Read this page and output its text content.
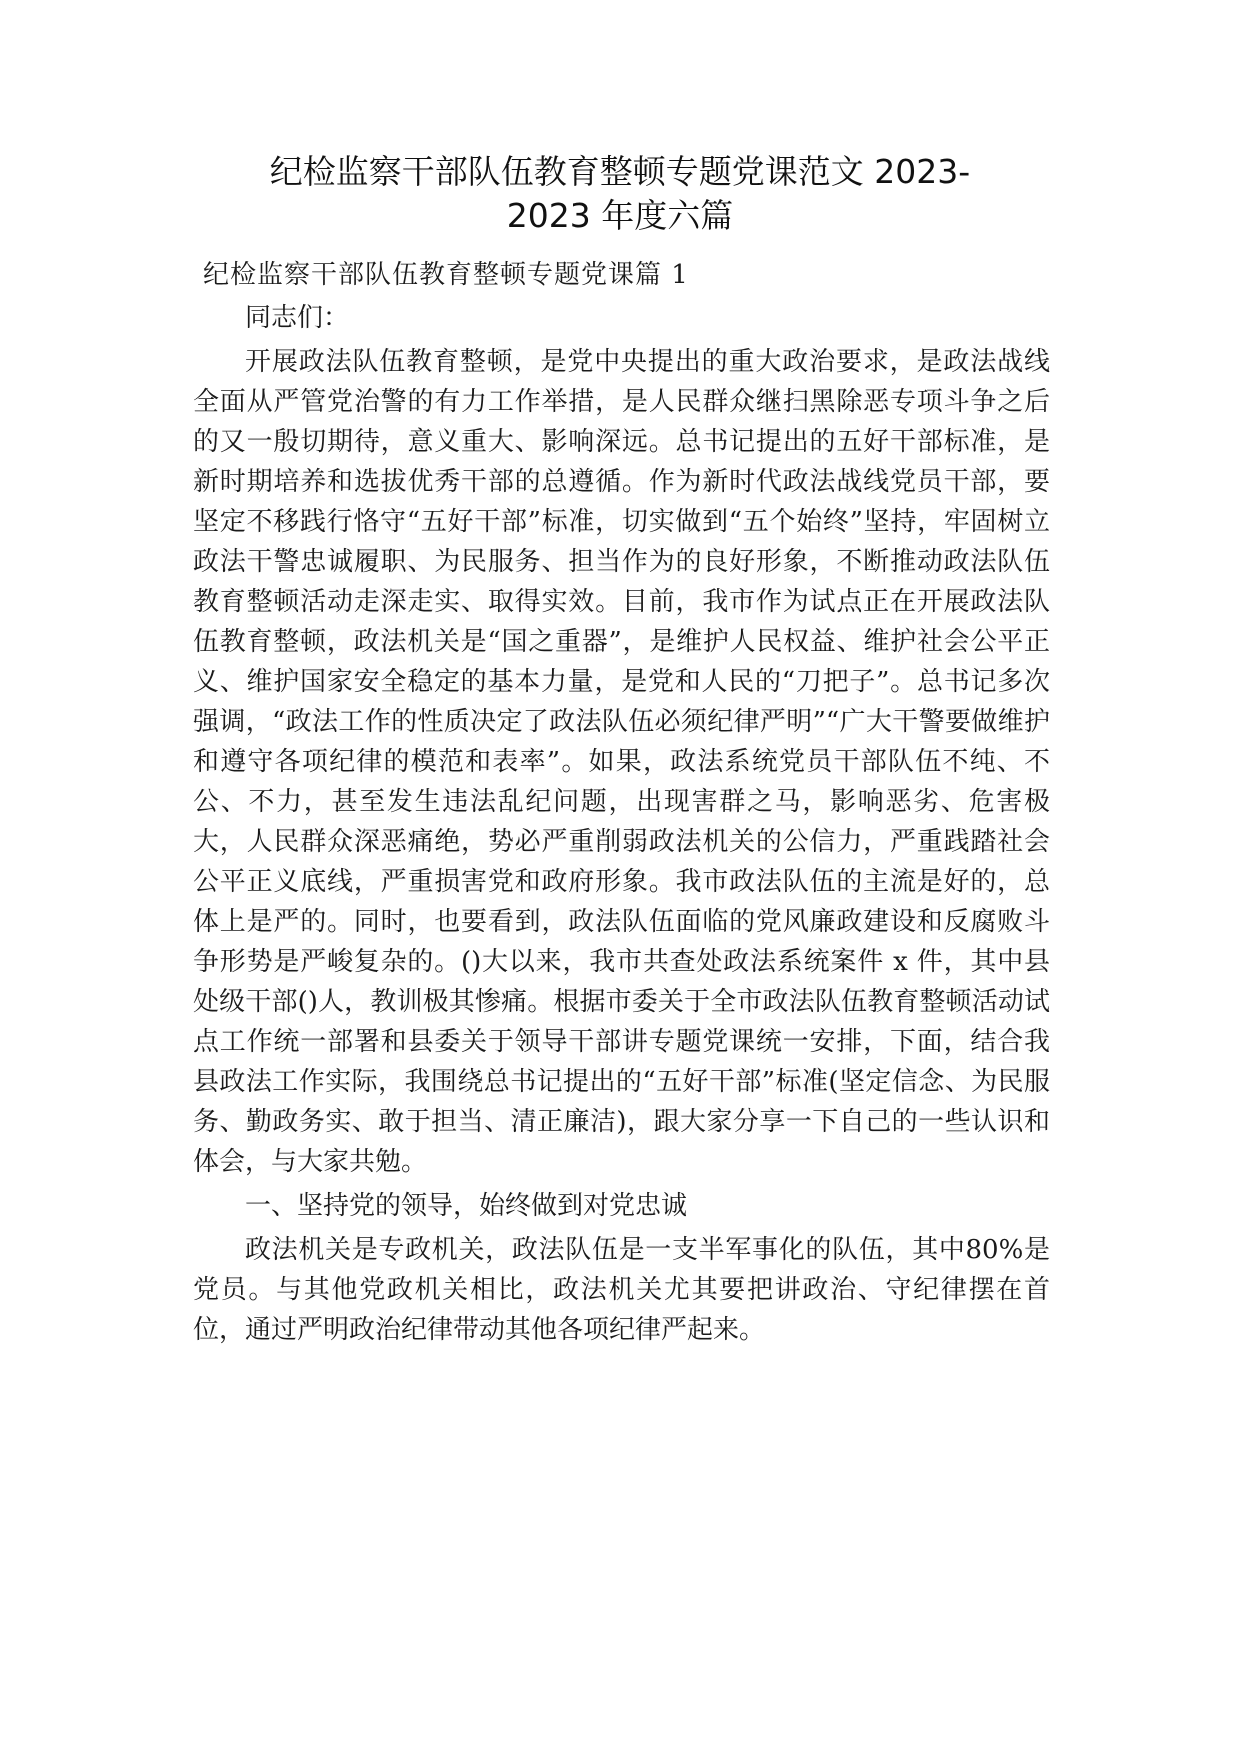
纪检监察干部队伍教育整顿专题党课范文 2023-
2023 年度六篇

纪检监察干部队伍教育整顿专题党课篇 1

同志们：

开展政法队伍教育整顿，是党中央提出的重大政治要求，是政法战线全面从严管党治警的有力工作举措，是人民群众继扫黑除恶专项斗争之后的又一殷切期待，意义重大、影响深远。总书记提出的五好干部标准，是新时期培养和选拔优秀干部的总遵循。作为新时代政法战线党员干部，要坚定不移践行恪守“五好干部”标准，切实做到“五个始终”坚持，牢固树立政法干警忠诚履职、为民服务、担当作为的良好形象，不断推动政法队伍教育整顿活动走深走实、取得实效。目前，我市作为试点正在开展政法队伍教育整顿，政法机关是“国之重器”，是维护人民权益、维护社会公平正义、维护国家安全稳定的基本力量，是党和人民的“刀把子”。总书记多次强调，“政法工作的性质决定了政法队伍必须纪律严明”“广大干警要做维护和遵守各项纪律的模范和表率”。如果，政法系统党员干部队伍不纯、不公、不力，甚至发生违法乱纪问题，出现害群之马，影响恶劣、危害极大，人民群众深恶痛绝，势必严重削弱政法机关的公信力，严重践踏社会公平正义底线，严重损害党和政府形象。我市政法队伍的主流是好的，总体上是严的。同时，也要看到，政法队伍面临的党风廉政建设和反腐败斗争形势是严峻复杂的。()大以来，我市共查处政法系统案件 x 件，其中县处级干部()人，教训极其惨痛。根据市委关于全市政法队伍教育整顿活动试点工作统一部署和县委关于领导干部讲专题党课统一安排，下面，结合我县政法工作实际，我围绕总书记提出的“五好干部”标准(坚定信念、为民服务、勤政务实、敢于担当、清正廉洁)，跟大家分享一下自己的一些认识和体会，与大家共勉。

一、坚持党的领导，始终做到对党忠诚

政法机关是专政机关，政法队伍是一支半军事化的队伍，其中80%是党员。与其他党政机关相比，政法机关尤其要把讲政治、守纪律摆在首位，通过严明政治纪律带动其他各项纪律严起来。
